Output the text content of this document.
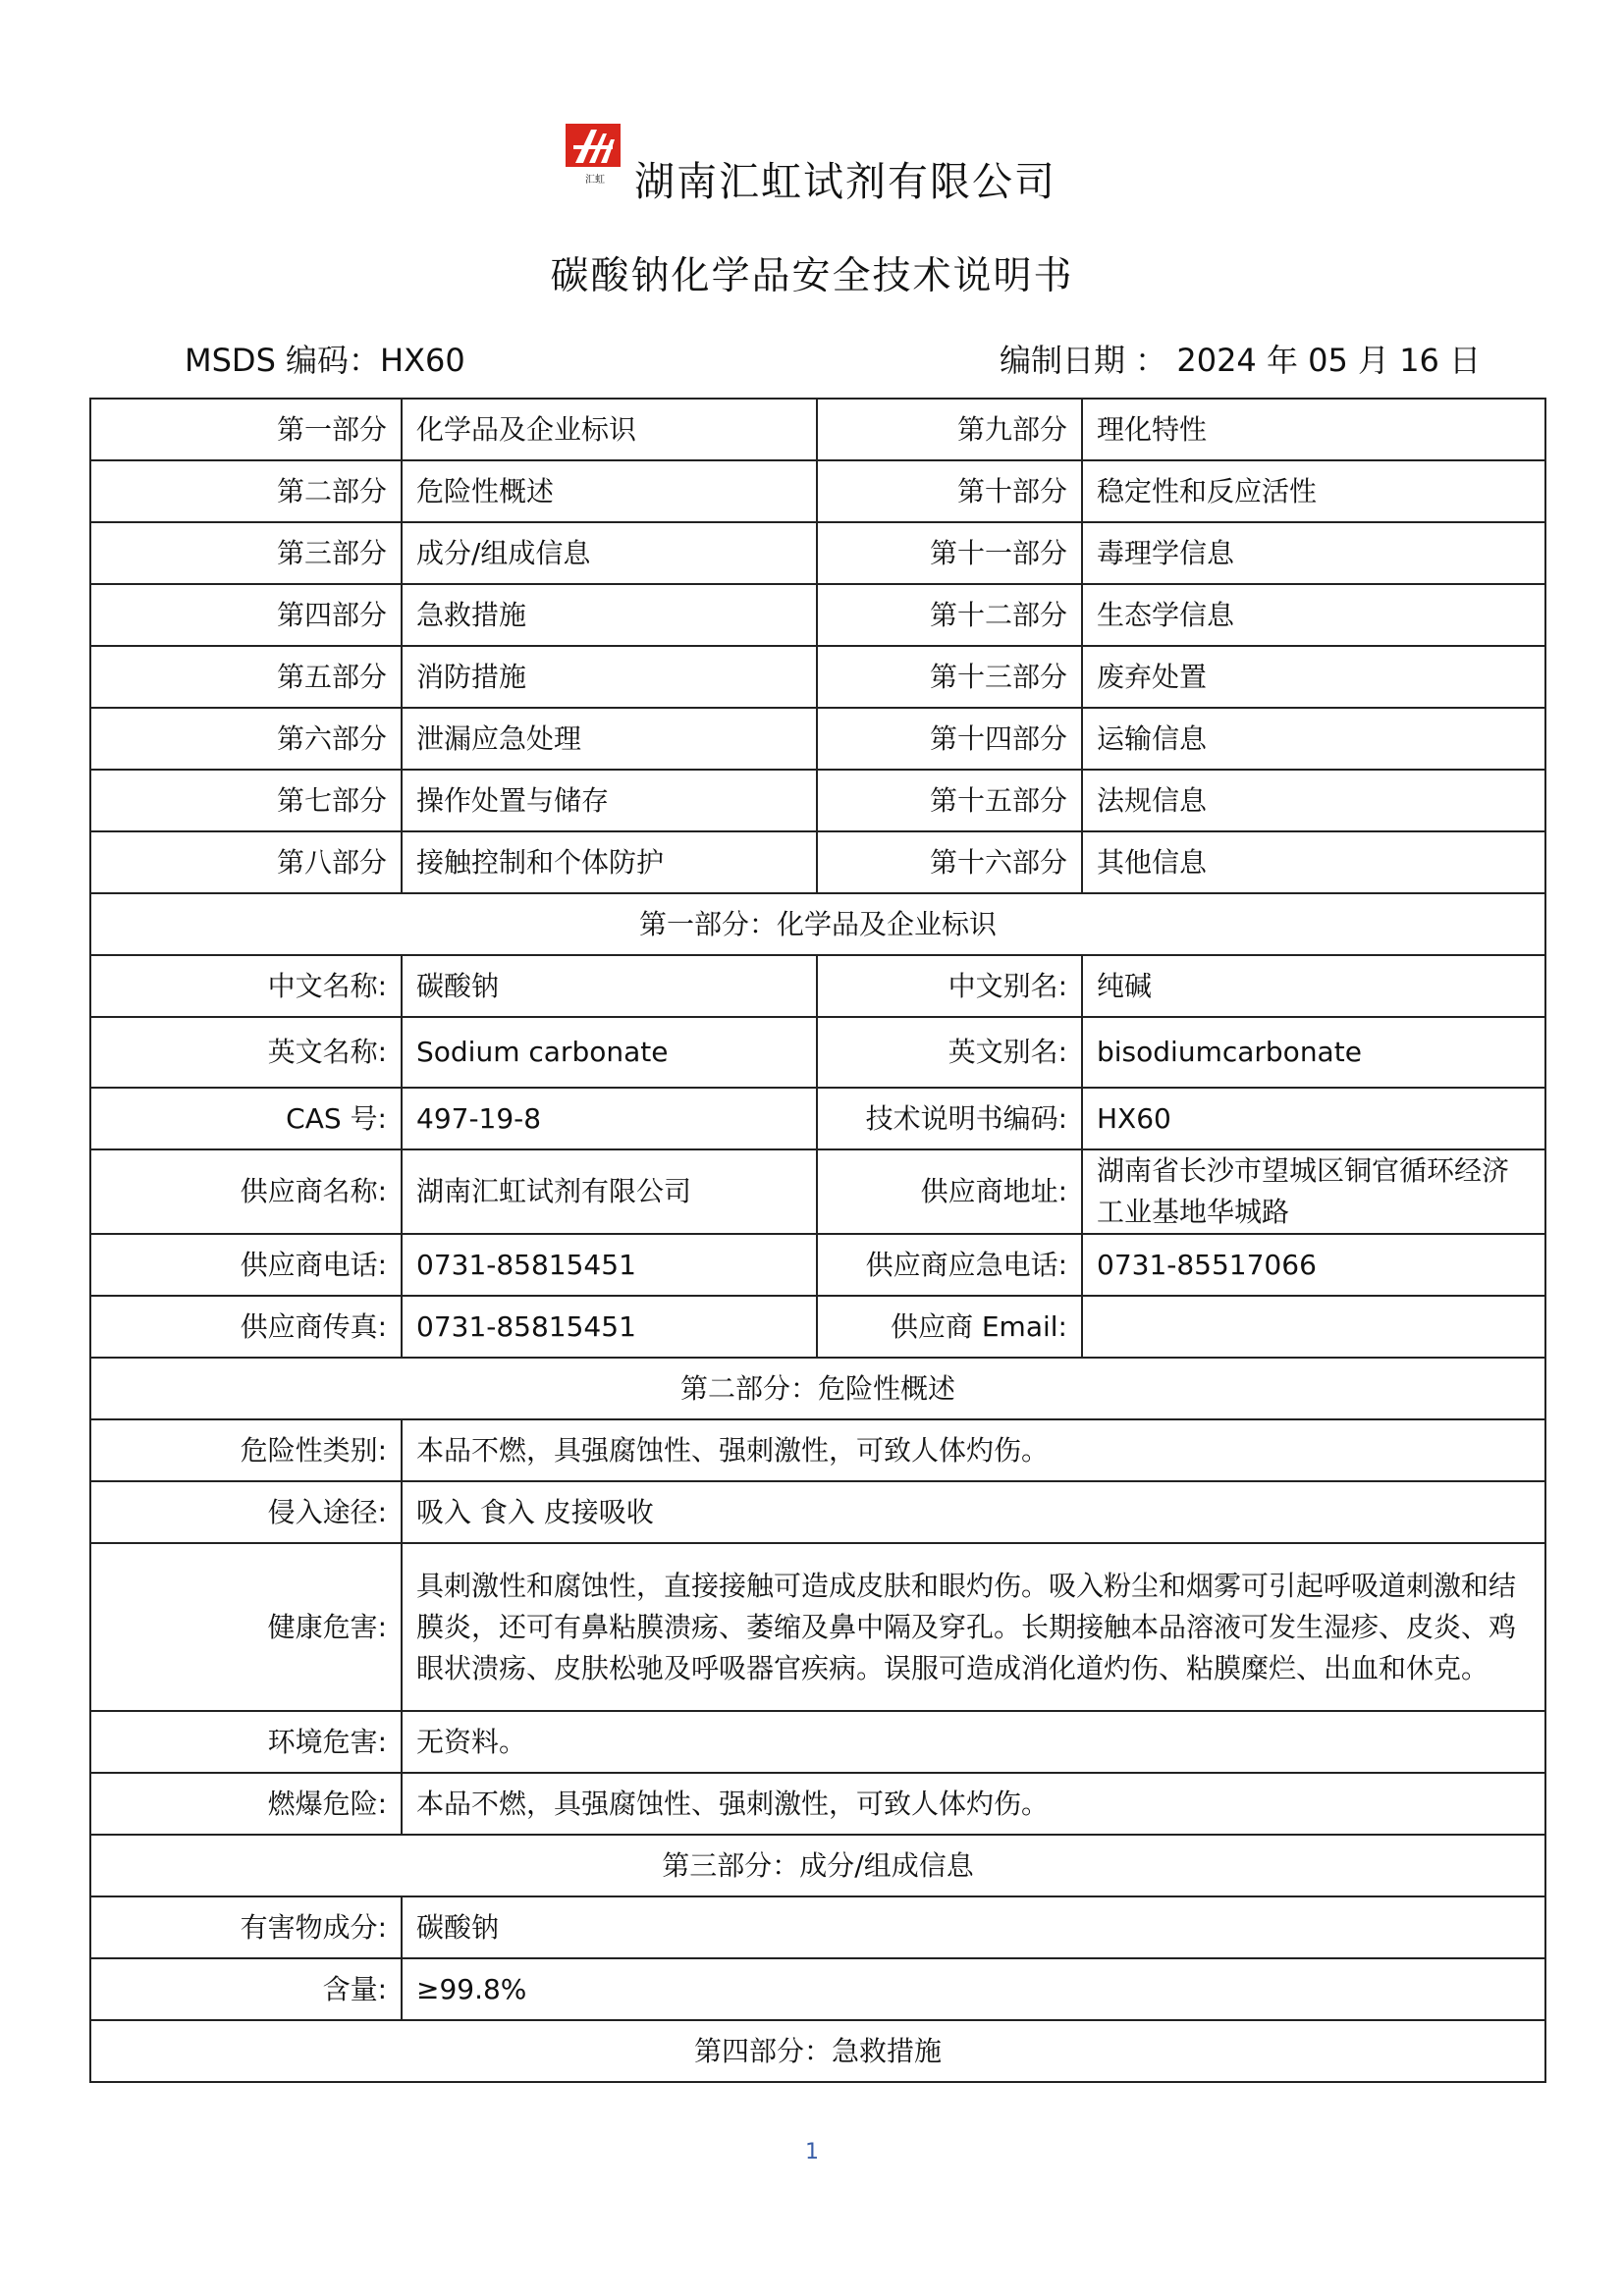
汇虹 湖南汇虹试剂有限公司
碳酸钠化学品安全技术说明书
MSDS 编码：HX60	编制日期 ： 2024 年 05 月 16 日
第一部分	化学品及企业标识	第九部分	理化特性
第二部分	危险性概述	第十部分	稳定性和反应活性
第三部分	成分/组成信息	第十一部分	毒理学信息
第四部分	急救措施	第十二部分	生态学信息
第五部分	消防措施	第十三部分	废弃处置
第六部分	泄漏应急处理	第十四部分	运输信息
第七部分	操作处置与储存	第十五部分	法规信息
第八部分	接触控制和个体防护	第十六部分	其他信息
第一部分：化学品及企业标识			
中文名称:	碳酸钠	中文别名:	纯碱
英文名称:	Sodium carbonate	英文别名:	bisodiumcarbonate
CAS 号:	497-19-8	技术说明书编码:	HX60
供应商名称:	湖南汇虹试剂有限公司	供应商地址:	湖南省长沙市望城区铜官循环经济工业基地华城路
供应商电话:	0731-85815451	供应商应急电话:	0731-85517066
供应商传真:	0731-85815451	供应商 Email:	
第二部分：危险性概述			
危险性类别:	本品不燃，具强腐蚀性、强刺激性，可致人体灼伤。		
侵入途径:	吸入 食入 皮接吸收		
健康危害:	具刺激性和腐蚀性，直接接触可造成皮肤和眼灼伤。吸入粉尘和烟雾可引起呼吸道刺激和结膜炎，还可有鼻粘膜溃疡、萎缩及鼻中隔及穿孔。长期接触本品溶液可发生湿疹、皮炎、鸡眼状溃疡、皮肤松驰及呼吸器官疾病。误服可造成消化道灼伤、粘膜糜烂、出血和休克。		
环境危害:	无资料。		
燃爆危险:	本品不燃，具强腐蚀性、强刺激性，可致人体灼伤。		
第三部分：成分/组成信息			
有害物成分:	碳酸钠		
含量:	≥99.8%		
第四部分：急救措施			
1
